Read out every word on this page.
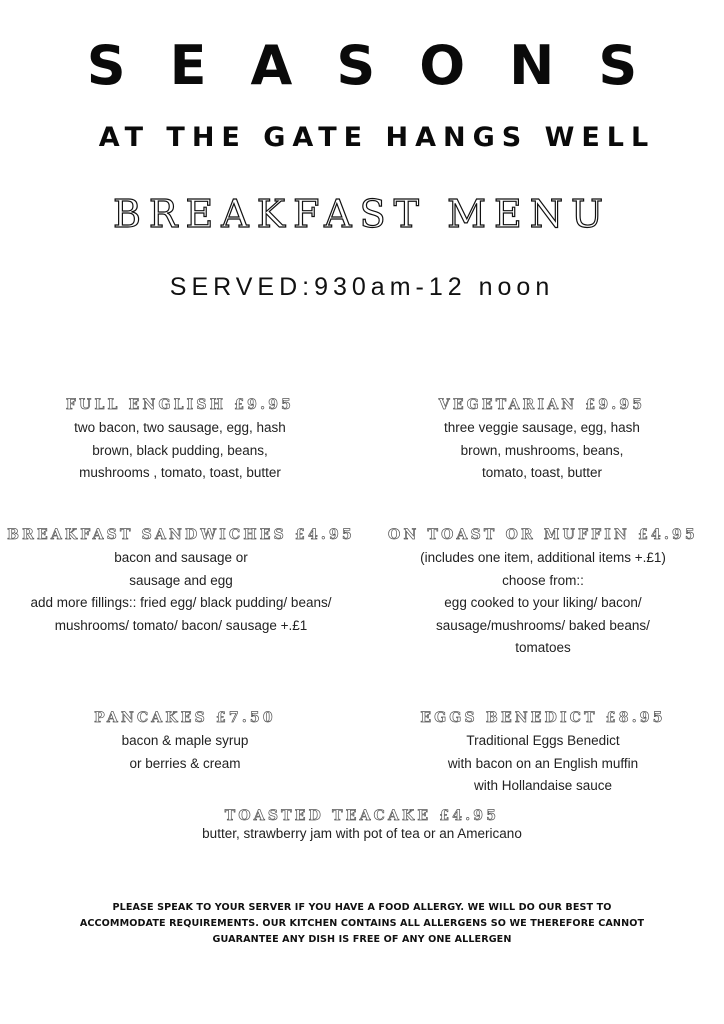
SEASONS
AT THE GATE HANGS WELL
BREAKFAST MENU
SERVED:930am-12 noon
FULL ENGLISH £9.95
two bacon, two sausage, egg, hash
brown, black pudding, beans,
mushrooms , tomato, toast, butter
VEGETARIAN £9.95
three veggie sausage, egg, hash
brown, mushrooms, beans,
tomato, toast, butter
BREAKFAST SANDWICHES £4.95
bacon and sausage or
sausage and egg
add more fillings:: fried egg/ black pudding/ beans/
mushrooms/ tomato/ bacon/ sausage +.£1
ON TOAST OR MUFFIN £4.95
(includes one item, additional items +.£1)
choose from::
egg cooked to your liking/ bacon/
sausage/mushrooms/ baked beans/
tomatoes
PANCAKES £7.50
bacon & maple syrup
or berries & cream
EGGS BENEDICT £8.95
Traditional Eggs Benedict
with bacon on an English muffin
with Hollandaise sauce
TOASTED TEACAKE £4.95
butter, strawberry jam with pot of tea or an Americano
PLEASE SPEAK TO YOUR SERVER IF YOU HAVE A FOOD ALLERGY. WE WILL DO OUR BEST TO
ACCOMMODATE REQUIREMENTS. OUR KITCHEN CONTAINS ALL ALLERGENS SO WE THEREFORE CANNOT
GUARANTEE ANY DISH IS FREE OF ANY ONE ALLERGEN
